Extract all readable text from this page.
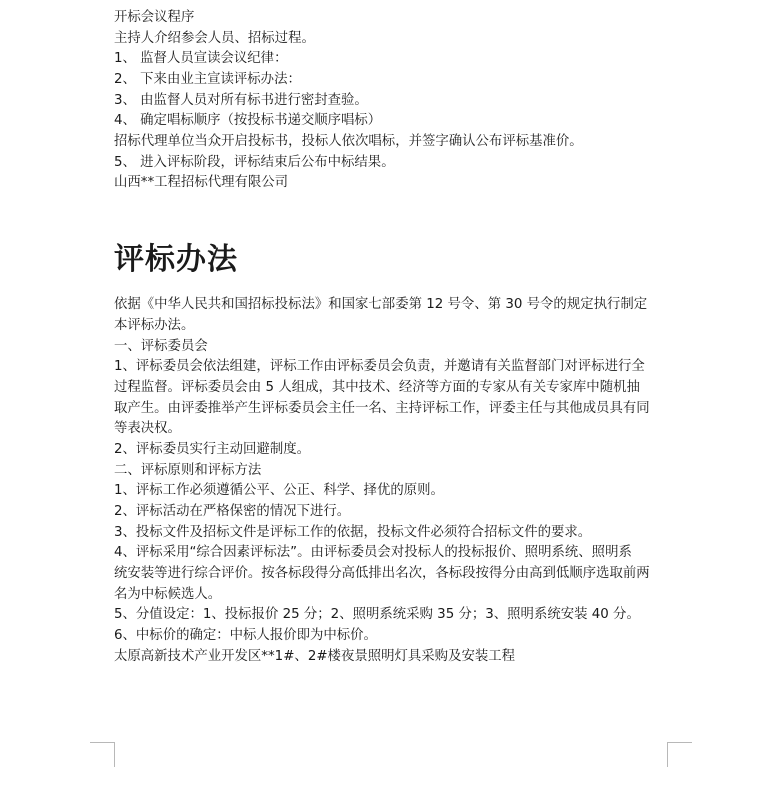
开标会议程序
主持人介绍参会人员、招标过程。
1、 监督人员宣读会议纪律：
2、 下来由业主宣读评标办法：
3、 由监督人员对所有标书进行密封查验。
4、 确定唱标顺序（按投标书递交顺序唱标）
招标代理单位当众开启投标书，投标人依次唱标，并签字确认公布评标基准价。
5、 进入评标阶段，评标结束后公布中标结果。
山西**工程招标代理有限公司
评标办法
依据《中华人民共和国招标投标法》和国家七部委第 12 号令、第 30 号令的规定执行制定
本评标办法。
一、评标委员会
1、评标委员会依法组建，评标工作由评标委员会负责，并邀请有关监督部门对评标进行全
过程监督。评标委员会由 5 人组成，其中技术、经济等方面的专家从有关专家库中随机抽
取产生。由评委推举产生评标委员会主任一名、主持评标工作，评委主任与其他成员具有同
等表决权。
2、评标委员实行主动回避制度。
二、评标原则和评标方法
1、评标工作必须遵循公平、公正、科学、择优的原则。
2、评标活动在严格保密的情况下进行。
3、投标文件及招标文件是评标工作的依据，投标文件必须符合招标文件的要求。
4、评标采用“综合因素评标法”。由评标委员会对投标人的投标报价、照明系统、照明系
统安装等进行综合评价。按各标段得分高低排出名次，各标段按得分由高到低顺序选取前两
名为中标候选人。
5、分值设定：1、投标报价 25 分；2、照明系统采购 35 分；3、照明系统安装 40 分。
6、中标价的确定：中标人报价即为中标价。
太原高新技术产业开发区**1#、2#楼夜景照明灯具采购及安装工程
